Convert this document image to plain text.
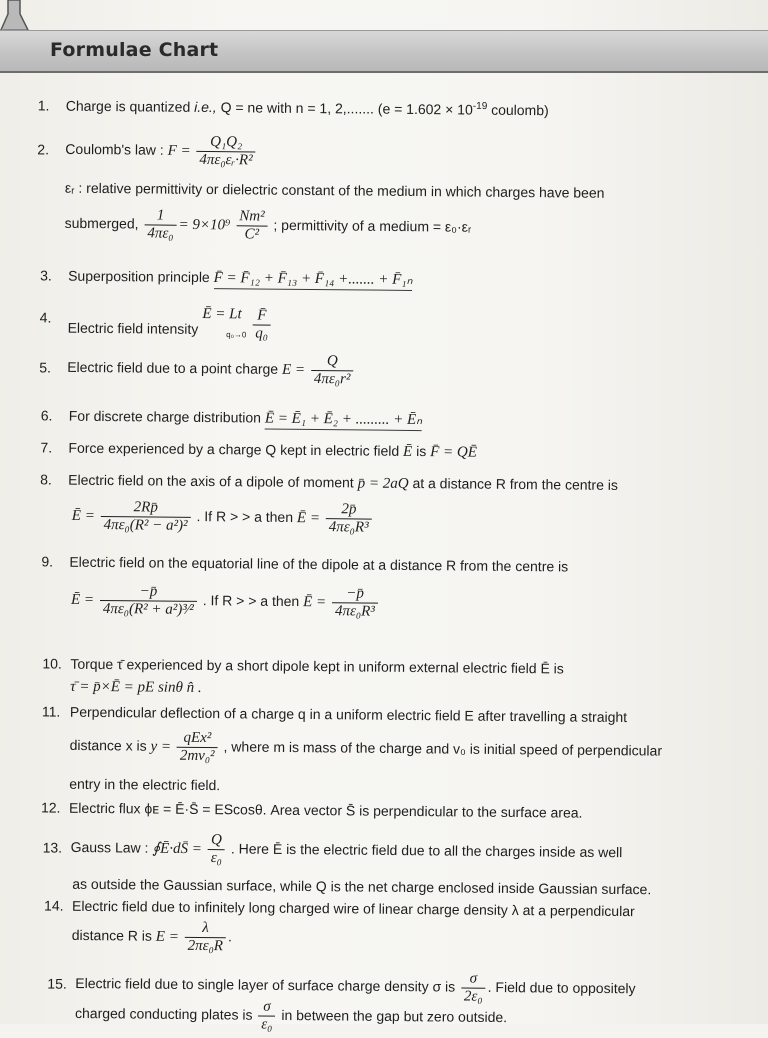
Formulae Chart
1. Charge is quantized i.e., Q = ne with n = 1, 2,....... ($e = 1.602 \times 10^{-19}$ coulomb)
2. Coulomb's law : $F = \frac{\text{Q₁Q₂}}{\text{4πε₀εᵣ·R²}}$
εᵣ : relative permittivity or dielectric constant of the medium in which charges have been
submerged, $\frac{1}{\text{4πε₀}} = 9\times 10^9 \frac{\text{Nm²}}{\text{C²}}$ ; permittivity of a medium = ε₀·εᵣ
3. Superposition principle F̄ = F̄₁₂ + F̄₁₃ + F̄₁₄ +....... + F̄₁ₙ
4.
Electric field intensity Ē = Lt
$q_0\to 0 \frac{F̄}{\text{q₀}}$
5. Electric field due to a point charge $E = \frac{Q}{\text{4πε₀r²}}$
6. For discrete charge distribution Ē = Ē₁ + Ē₂ + ......... + Ēₙ
7. Force experienced by a charge Q kept in electric field Ē is F̄ = QĒ
8. Electric field on the axis of a dipole of moment p̄ = 2aQ at a distance R from the centre is
Ē = $\frac{2Rp̄}{\text{4πε₀(R² − a²)²}}$ . If R > > a then Ē = $\frac{2p̄}{\text{4πε₀R³}}$
9. Electric field on the equatorial line of the dipole at a distance R from the centre is
Ē = $\frac{-p̄}{\text{4πε₀(R² + a²)³⁄²}}$ . If R > > a then Ē = $\frac{-p̄}{\text{4πε₀R³}}$
10. Torque τ̄ experienced by a short dipole kept in uniform external electric field Ē is
τ̄ = p̄×Ē = pE sinθ n̂ .
11. Perpendicular deflection of a charge q in a uniform electric field E after travelling a straight
distance x is $y = \frac{\text{qEx²}}{\text{2mv₀²}}$ , where m is mass of the charge and v₀ is initial speed of perpendicular
entry in the electric field.
12. Electric flux ϕᴇ = Ē·S̄ = EScosθ. Area vector S̄ is perpendicular to the surface area.
13. Gauss Law : ∮Ē·dS̄ = $\frac{Q}{\text{ε₀}}$ . Here Ē is the electric field due to all the charges inside as well
as outside the Gaussian surface, while Q is the net charge enclosed inside Gaussian surface.
14. Electric field due to infinitely long charged wire of linear charge density λ at a perpendicular
distance R is $E = \frac{\lambda}{\text{2πε₀R}}$ .
15. Electric field due to single layer of surface charge density σ is $\frac{\sigma}{\text{2ε₀}}$ . Field due to oppositely
charged conducting plates is $\frac{\sigma}{\text{ε₀}}$ in between the gap but zero outside.
